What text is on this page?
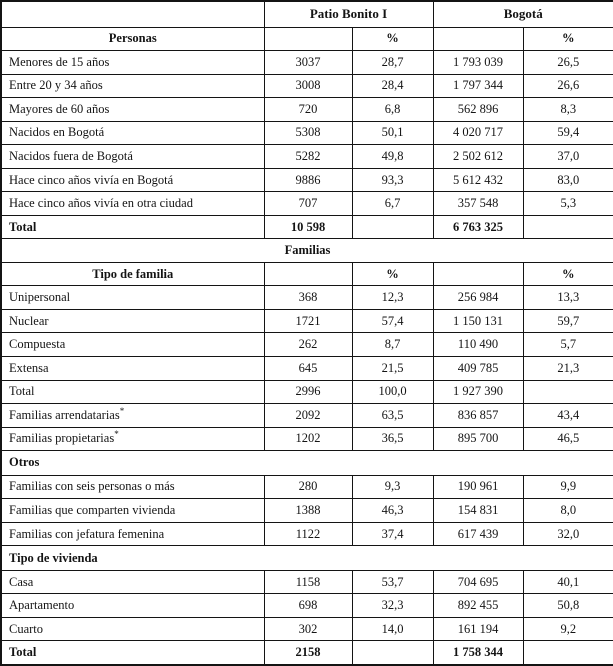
	Patio Bonito I		Bogotá	
Personas		%		%
Menores de 15 años	3037	28,7	1 793 039	26,5
Entre 20 y 34 años	3008	28,4	1 797 344	26,6
Mayores de 60 años	720	6,8	562 896	8,3
Nacidos en Bogotá	5308	50,1	4 020 717	59,4
Nacidos fuera de Bogotá	5282	49,8	2 502 612	37,0
Hace cinco años vivía en Bogotá	9886	93,3	5 612 432	83,0
Hace cinco años vivía en otra ciudad	707	6,7	357 548	5,3
Total	10 598		6 763 325	
Familias				
Tipo de familia		%		%
Unipersonal	368	12,3	256 984	13,3
Nuclear	1721	57,4	1 150 131	59,7
Compuesta	262	8,7	110 490	5,7
Extensa	645	21,5	409 785	21,3
Total	2996	100,0	1 927 390	
Familias arrendatarias*	2092	63,5	836 857	43,4
Familias propietarias*	1202	36,5	895 700	46,5
Otros				
Familias con seis personas o más	280	9,3	190 961	9,9
Familias que comparten vivienda	1388	46,3	154 831	8,0
Familias con jefatura femenina	1122	37,4	617 439	32,0
Tipo de vivienda				
Casa	1158	53,7	704 695	40,1
Apartamento	698	32,3	892 455	50,8
Cuarto	302	14,0	161 194	9,2
Total	2158		1 758 344	
